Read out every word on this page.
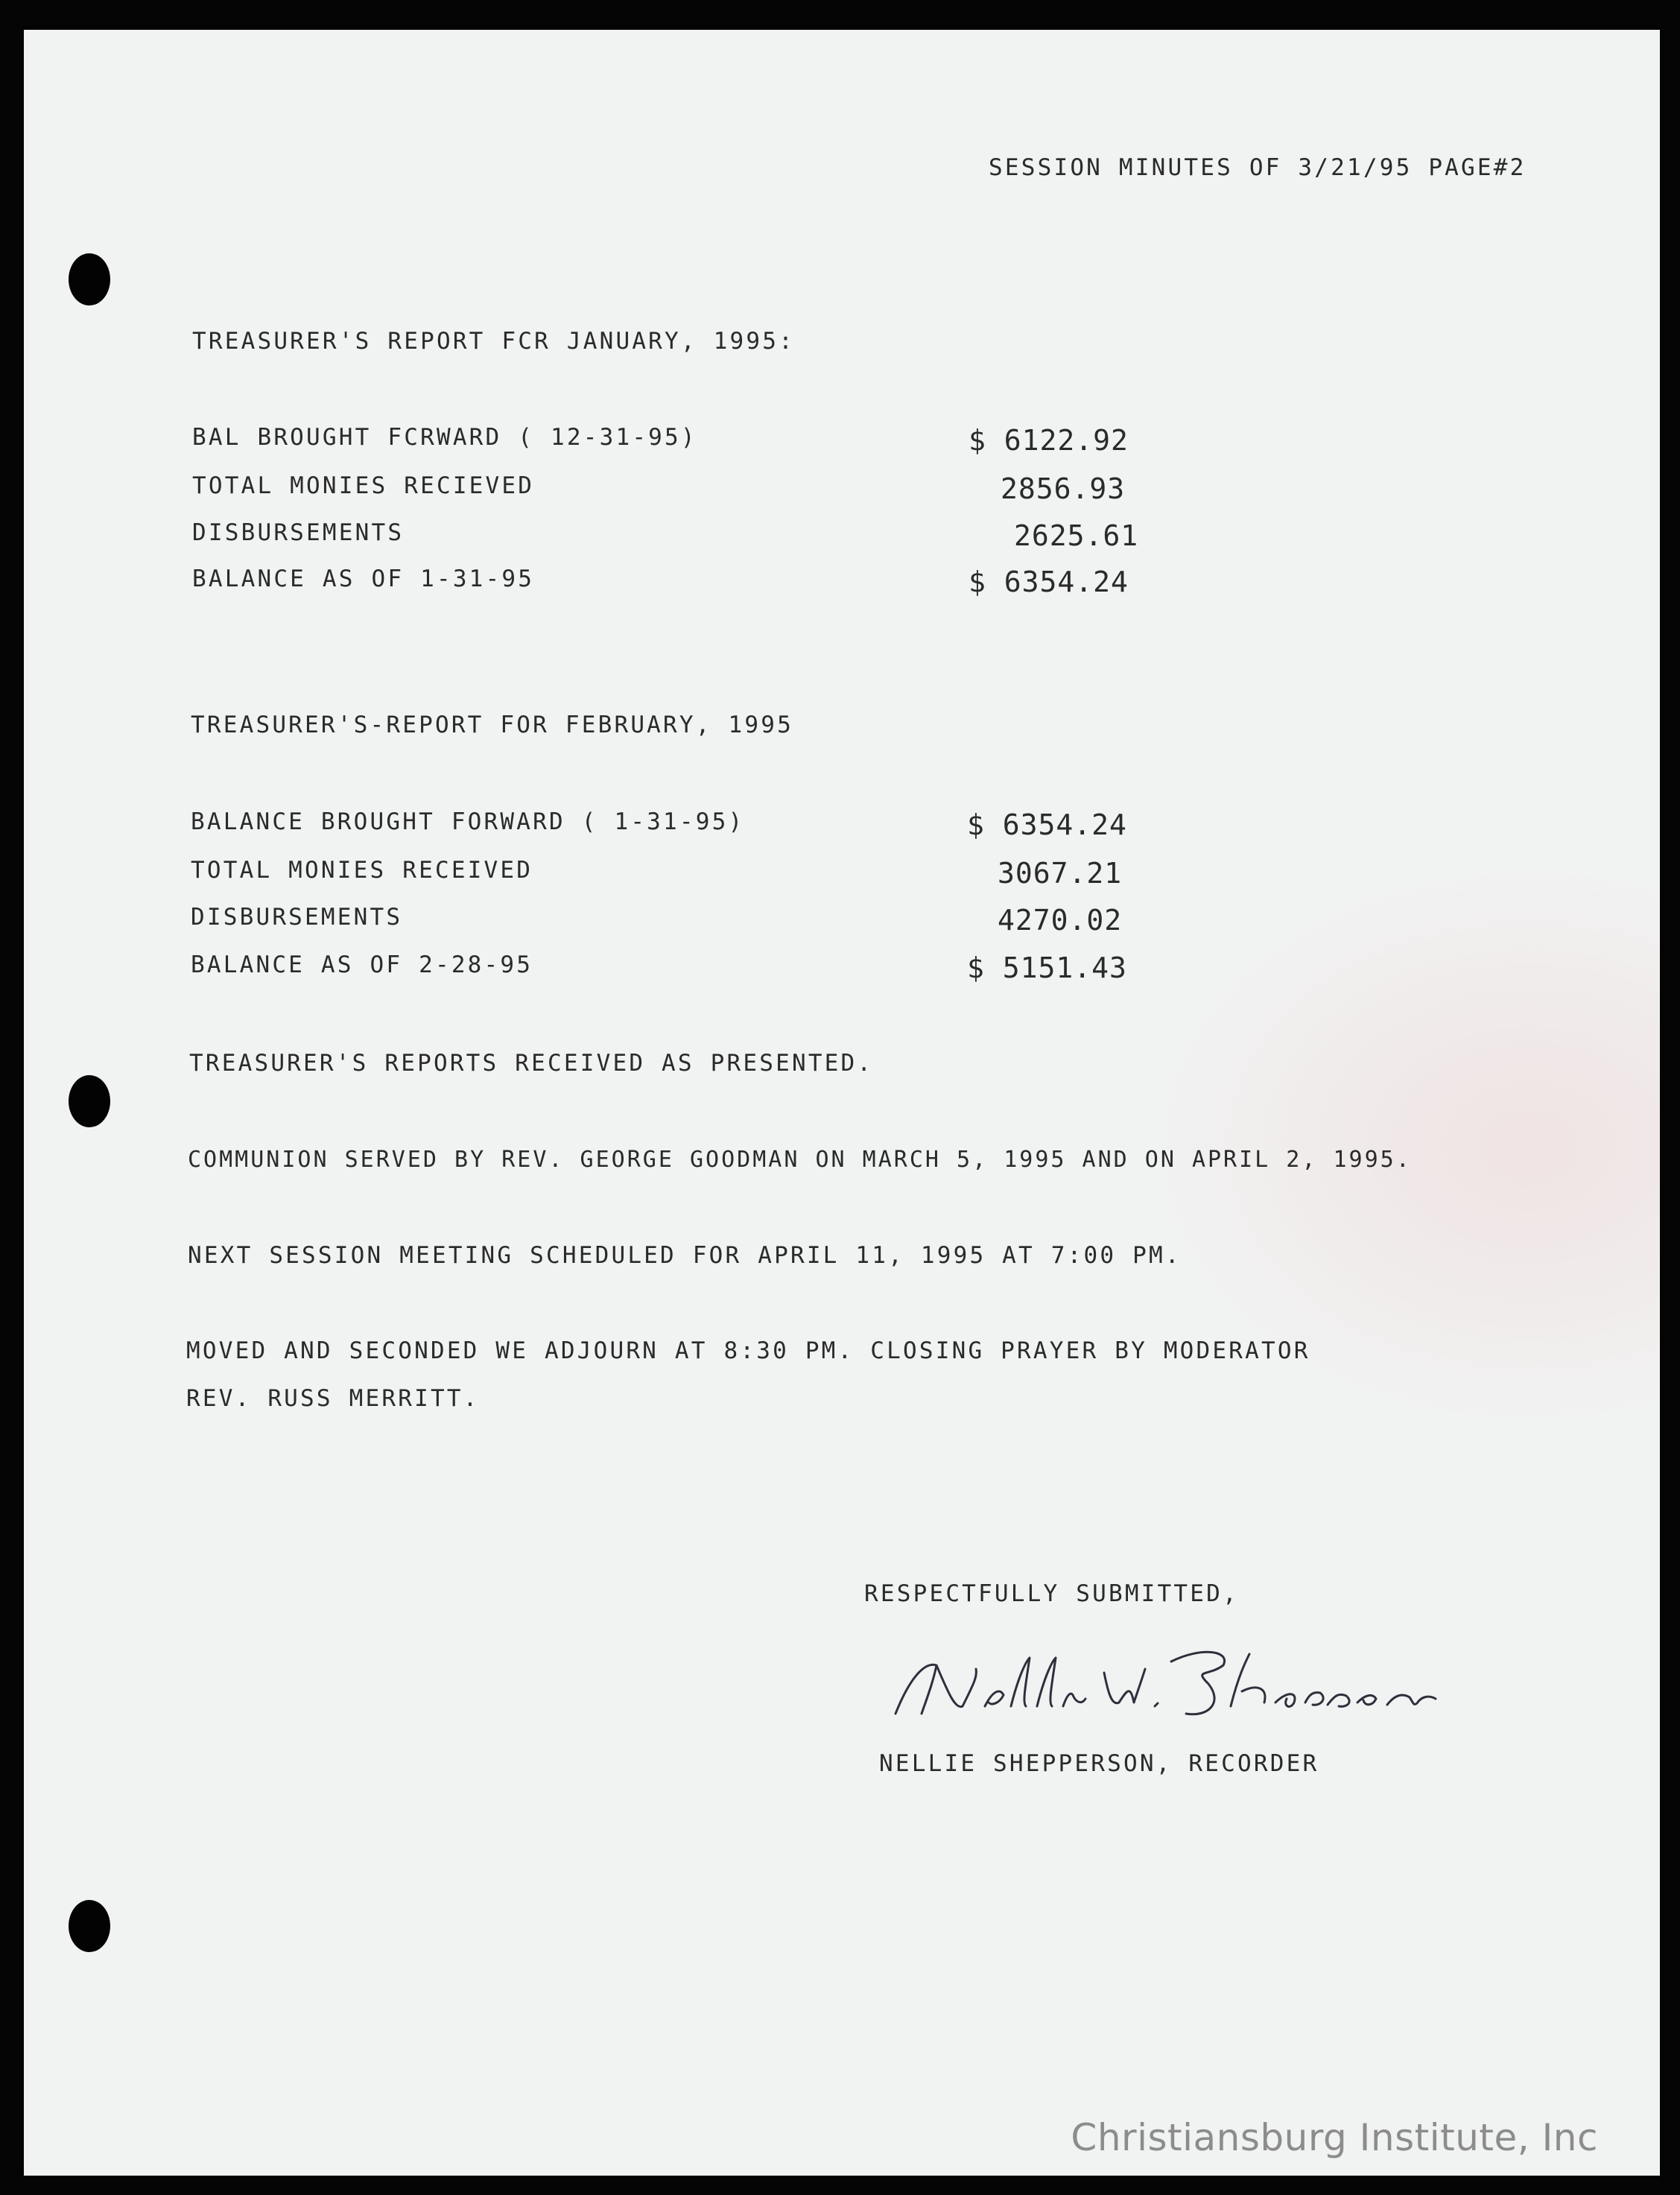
SESSION MINUTES OF 3/21/95 PAGE#2
TREASURER'S REPORT FCR JANUARY, 1995:
BAL BROUGHT FCRWARD ( 12-31-95)	$ 6122.92
TOTAL MONIES RECIEVED	2856.93
DISBURSEMENTS	2625.61
BALANCE AS OF 1-31-95	$ 6354.24
TREASURER'S-REPORT FOR FEBRUARY, 1995
BALANCE BROUGHT FORWARD ( 1-31-95)	$ 6354.24
TOTAL MONIES RECEIVED	3067.21
DISBURSEMENTS	4270.02
BALANCE AS OF 2-28-95	$ 5151.43
TREASURER'S REPORTS RECEIVED AS PRESENTED.
COMMUNION SERVED BY REV. GEORGE GOODMAN ON MARCH 5, 1995 AND ON APRIL 2, 1995.
NEXT SESSION MEETING SCHEDULED FOR APRIL 11, 1995 AT 7:00 PM.
MOVED AND SECONDED WE ADJOURN AT 8:30 PM. CLOSING PRAYER BY MODERATOR
REV. RUSS MERRITT.
RESPECTFULLY SUBMITTED,
NELLIE SHEPPERSON, RECORDER
Christiansburg Institute, Inc
